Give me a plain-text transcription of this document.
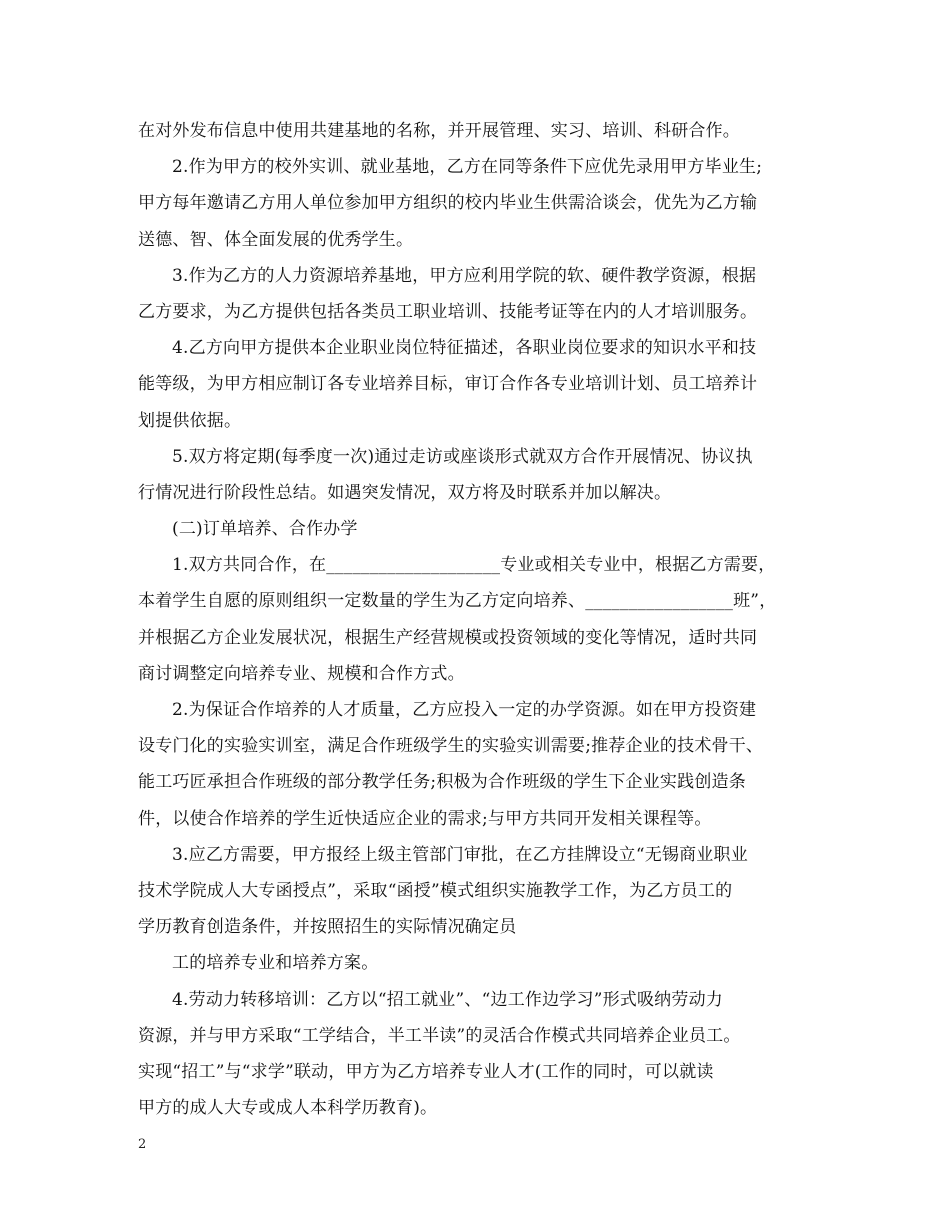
在对外发布信息中使用共建基地的名称，并开展管理、实习、培训、科研合作。
2.作为甲方的校外实训、就业基地，乙方在同等条件下应优先录用甲方毕业生;
甲方每年邀请乙方用人单位参加甲方组织的校内毕业生供需洽谈会，优先为乙方输
送德、智、体全面发展的优秀学生。
3.作为乙方的人力资源培养基地，甲方应利用学院的软、硬件教学资源，根据
乙方要求，为乙方提供包括各类员工职业培训、技能考证等在内的人才培训服务。
4.乙方向甲方提供本企业职业岗位特征描述，各职业岗位要求的知识水平和技
能等级，为甲方相应制订各专业培养目标，审订合作各专业培训计划、员工培养计
划提供依据。
5.双方将定期(每季度一次)通过走访或座谈形式就双方合作开展情况、协议执
行情况进行阶段性总结。如遇突发情况，双方将及时联系并加以解决。
(二)订单培养、合作办学
1.双方共同合作，在____________________专业或相关专业中，根据乙方需要，
本着学生自愿的原则组织一定数量的学生为乙方定向培养、_________________班”，
并根据乙方企业发展状况，根据生产经营规模或投资领域的变化等情况，适时共同
商讨调整定向培养专业、规模和合作方式。
2.为保证合作培养的人才质量，乙方应投入一定的办学资源。如在甲方投资建
设专门化的实验实训室，满足合作班级学生的实验实训需要;推荐企业的技术骨干、
能工巧匠承担合作班级的部分教学任务;积极为合作班级的学生下企业实践创造条
件，以使合作培养的学生近快适应企业的需求;与甲方共同开发相关课程等。
3.应乙方需要，甲方报经上级主管部门审批，在乙方挂牌设立“无锡商业职业
技术学院成人大专函授点”，采取“函授”模式组织实施教学工作，为乙方员工的
学历教育创造条件，并按照招生的实际情况确定员
工的培养专业和培养方案。
4.劳动力转移培训：乙方以“招工就业”、“边工作边学习”形式吸纳劳动力
资源，并与甲方采取“工学结合，半工半读”的灵活合作模式共同培养企业员工。
实现“招工”与“求学”联动，甲方为乙方培养专业人才(工作的同时，可以就读
甲方的成人大专或成人本科学历教育)。
2
